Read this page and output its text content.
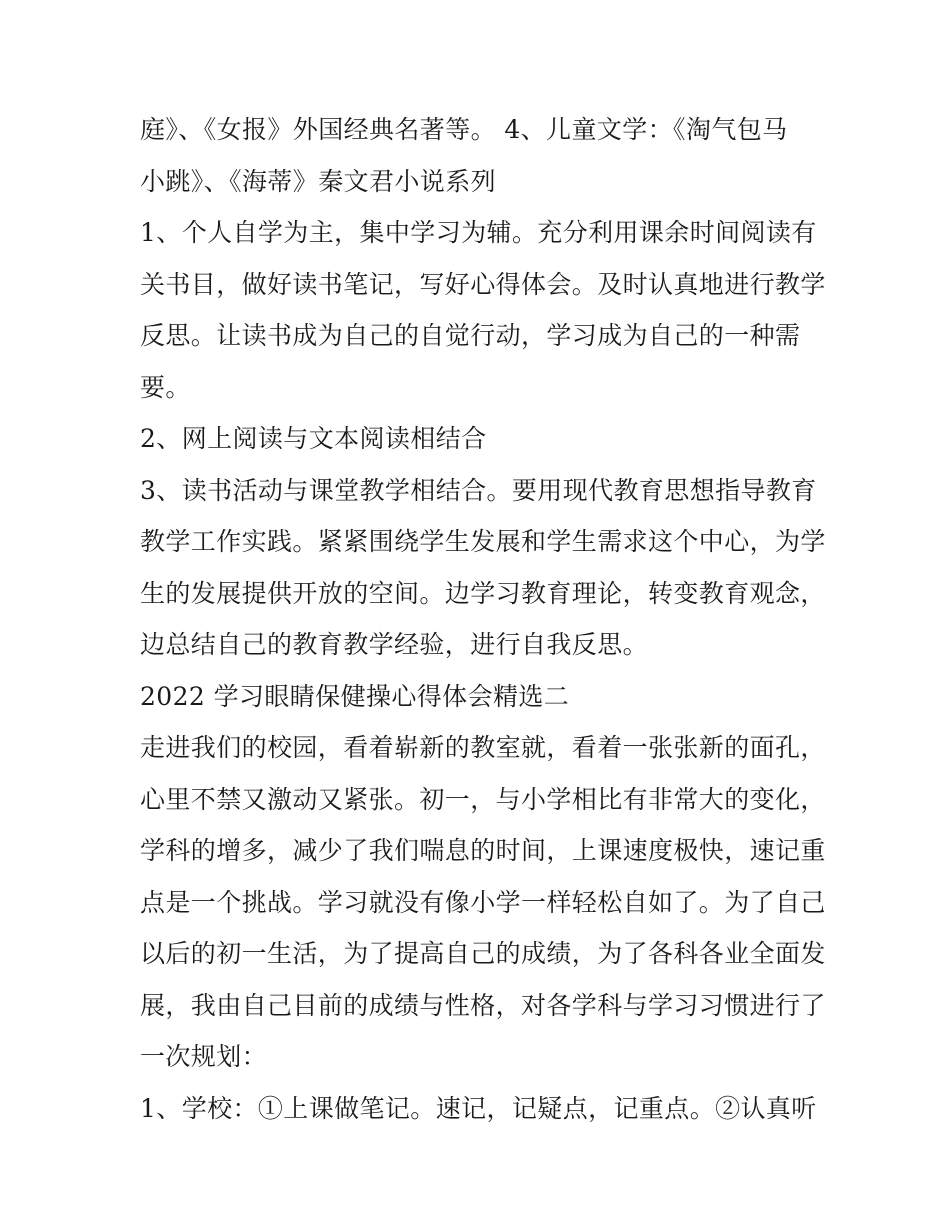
庭》、《女报》外国经典名著等。 4、儿童文学：《淘气包马
小跳》、《海蒂》秦文君小说系列
1、个人自学为主，集中学习为辅。充分利用课余时间阅读有
关书目，做好读书笔记，写好心得体会。及时认真地进行教学
反思。让读书成为自己的自觉行动，学习成为自己的一种需
要。
2、网上阅读与文本阅读相结合
3、读书活动与课堂教学相结合。要用现代教育思想指导教育
教学工作实践。紧紧围绕学生发展和学生需求这个中心，为学
生的发展提供开放的空间。边学习教育理论，转变教育观念，
边总结自己的教育教学经验，进行自我反思。
2022 学习眼睛保健操心得体会精选二
走进我们的校园，看着崭新的教室就，看着一张张新的面孔，
心里不禁又激动又紧张。初一，与小学相比有非常大的变化，
学科的增多，减少了我们喘息的时间，上课速度极快，速记重
点是一个挑战。学习就没有像小学一样轻松自如了。为了自己
以后的初一生活，为了提高自己的成绩，为了各科各业全面发
展，我由自己目前的成绩与性格，对各学科与学习习惯进行了
一次规划：
1、学校：①上课做笔记。速记，记疑点，记重点。②认真听
